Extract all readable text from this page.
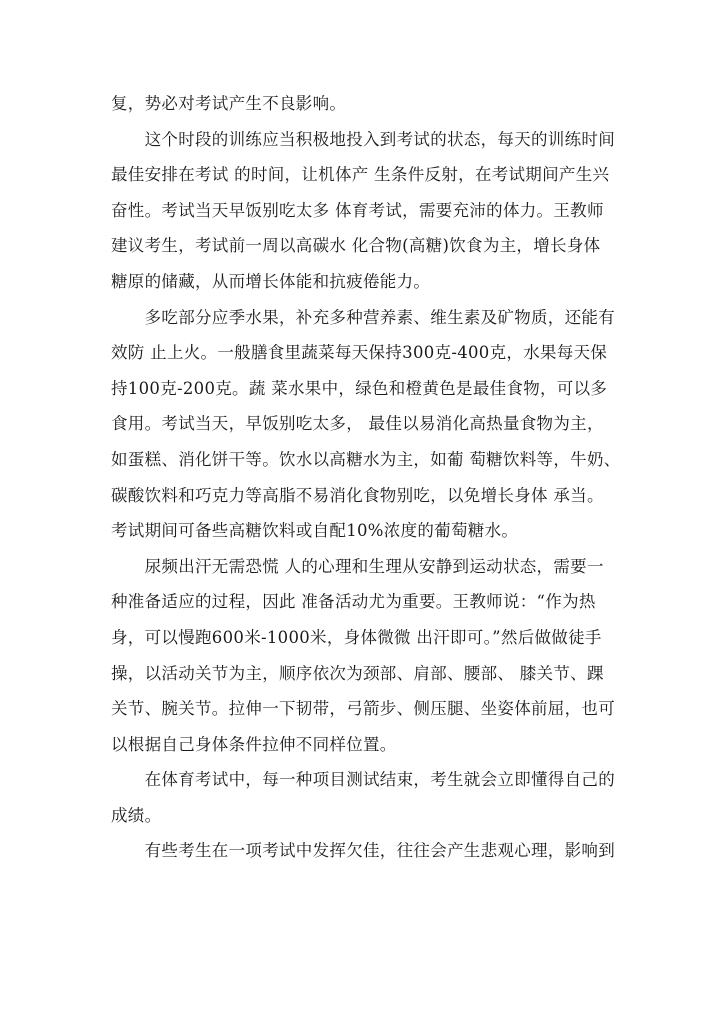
复，势必对考试产生不良影响。
　　这个时段的训练应当积极地投入到考试的状态，每天的训练时间
最佳安排在考试 的时间，让机体产 生条件反射，在考试期间产生兴
奋性。考试当天早饭别吃太多 体育考试，需要充沛的体力。王教师
建议考生，考试前一周以高碳水 化合物(高糖)饮食为主，增长身体
糖原的储藏，从而增长体能和抗疲倦能力。
　　多吃部分应季水果，补充多种营养素、维生素及矿物质，还能有
效防 止上火。一般膳食里蔬菜每天保持300克-400克，水果每天保
持100克-200克。蔬 菜水果中，绿色和橙黄色是最佳食物，可以多
食用。考试当天，早饭别吃太多， 最佳以易消化高热量食物为主，
如蛋糕、消化饼干等。饮水以高糖水为主，如葡 萄糖饮料等，牛奶、
碳酸饮料和巧克力等高脂不易消化食物别吃，以免增长身体 承当。
考试期间可备些高糖饮料或自配10%浓度的葡萄糖水。
　　尿频出汗无需恐慌 人的心理和生理从安静到运动状态，需要一
种准备适应的过程，因此 准备活动尤为重要。王教师说：“作为热
身，可以慢跑600米-1000米，身体微微 出汗即可。”然后做做徒手
操，以活动关节为主，顺序依次为颈部、肩部、腰部、 膝关节、踝
关节、腕关节。拉伸一下韧带，弓箭步、侧压腿、坐姿体前屈，也可
以根据自己身体条件拉伸不同样位置。
　　在体育考试中，每一种项目测试结束，考生就会立即懂得自己的
成绩。
　　有些考生在一项考试中发挥欠佳，往往会产生悲观心理，影响到
